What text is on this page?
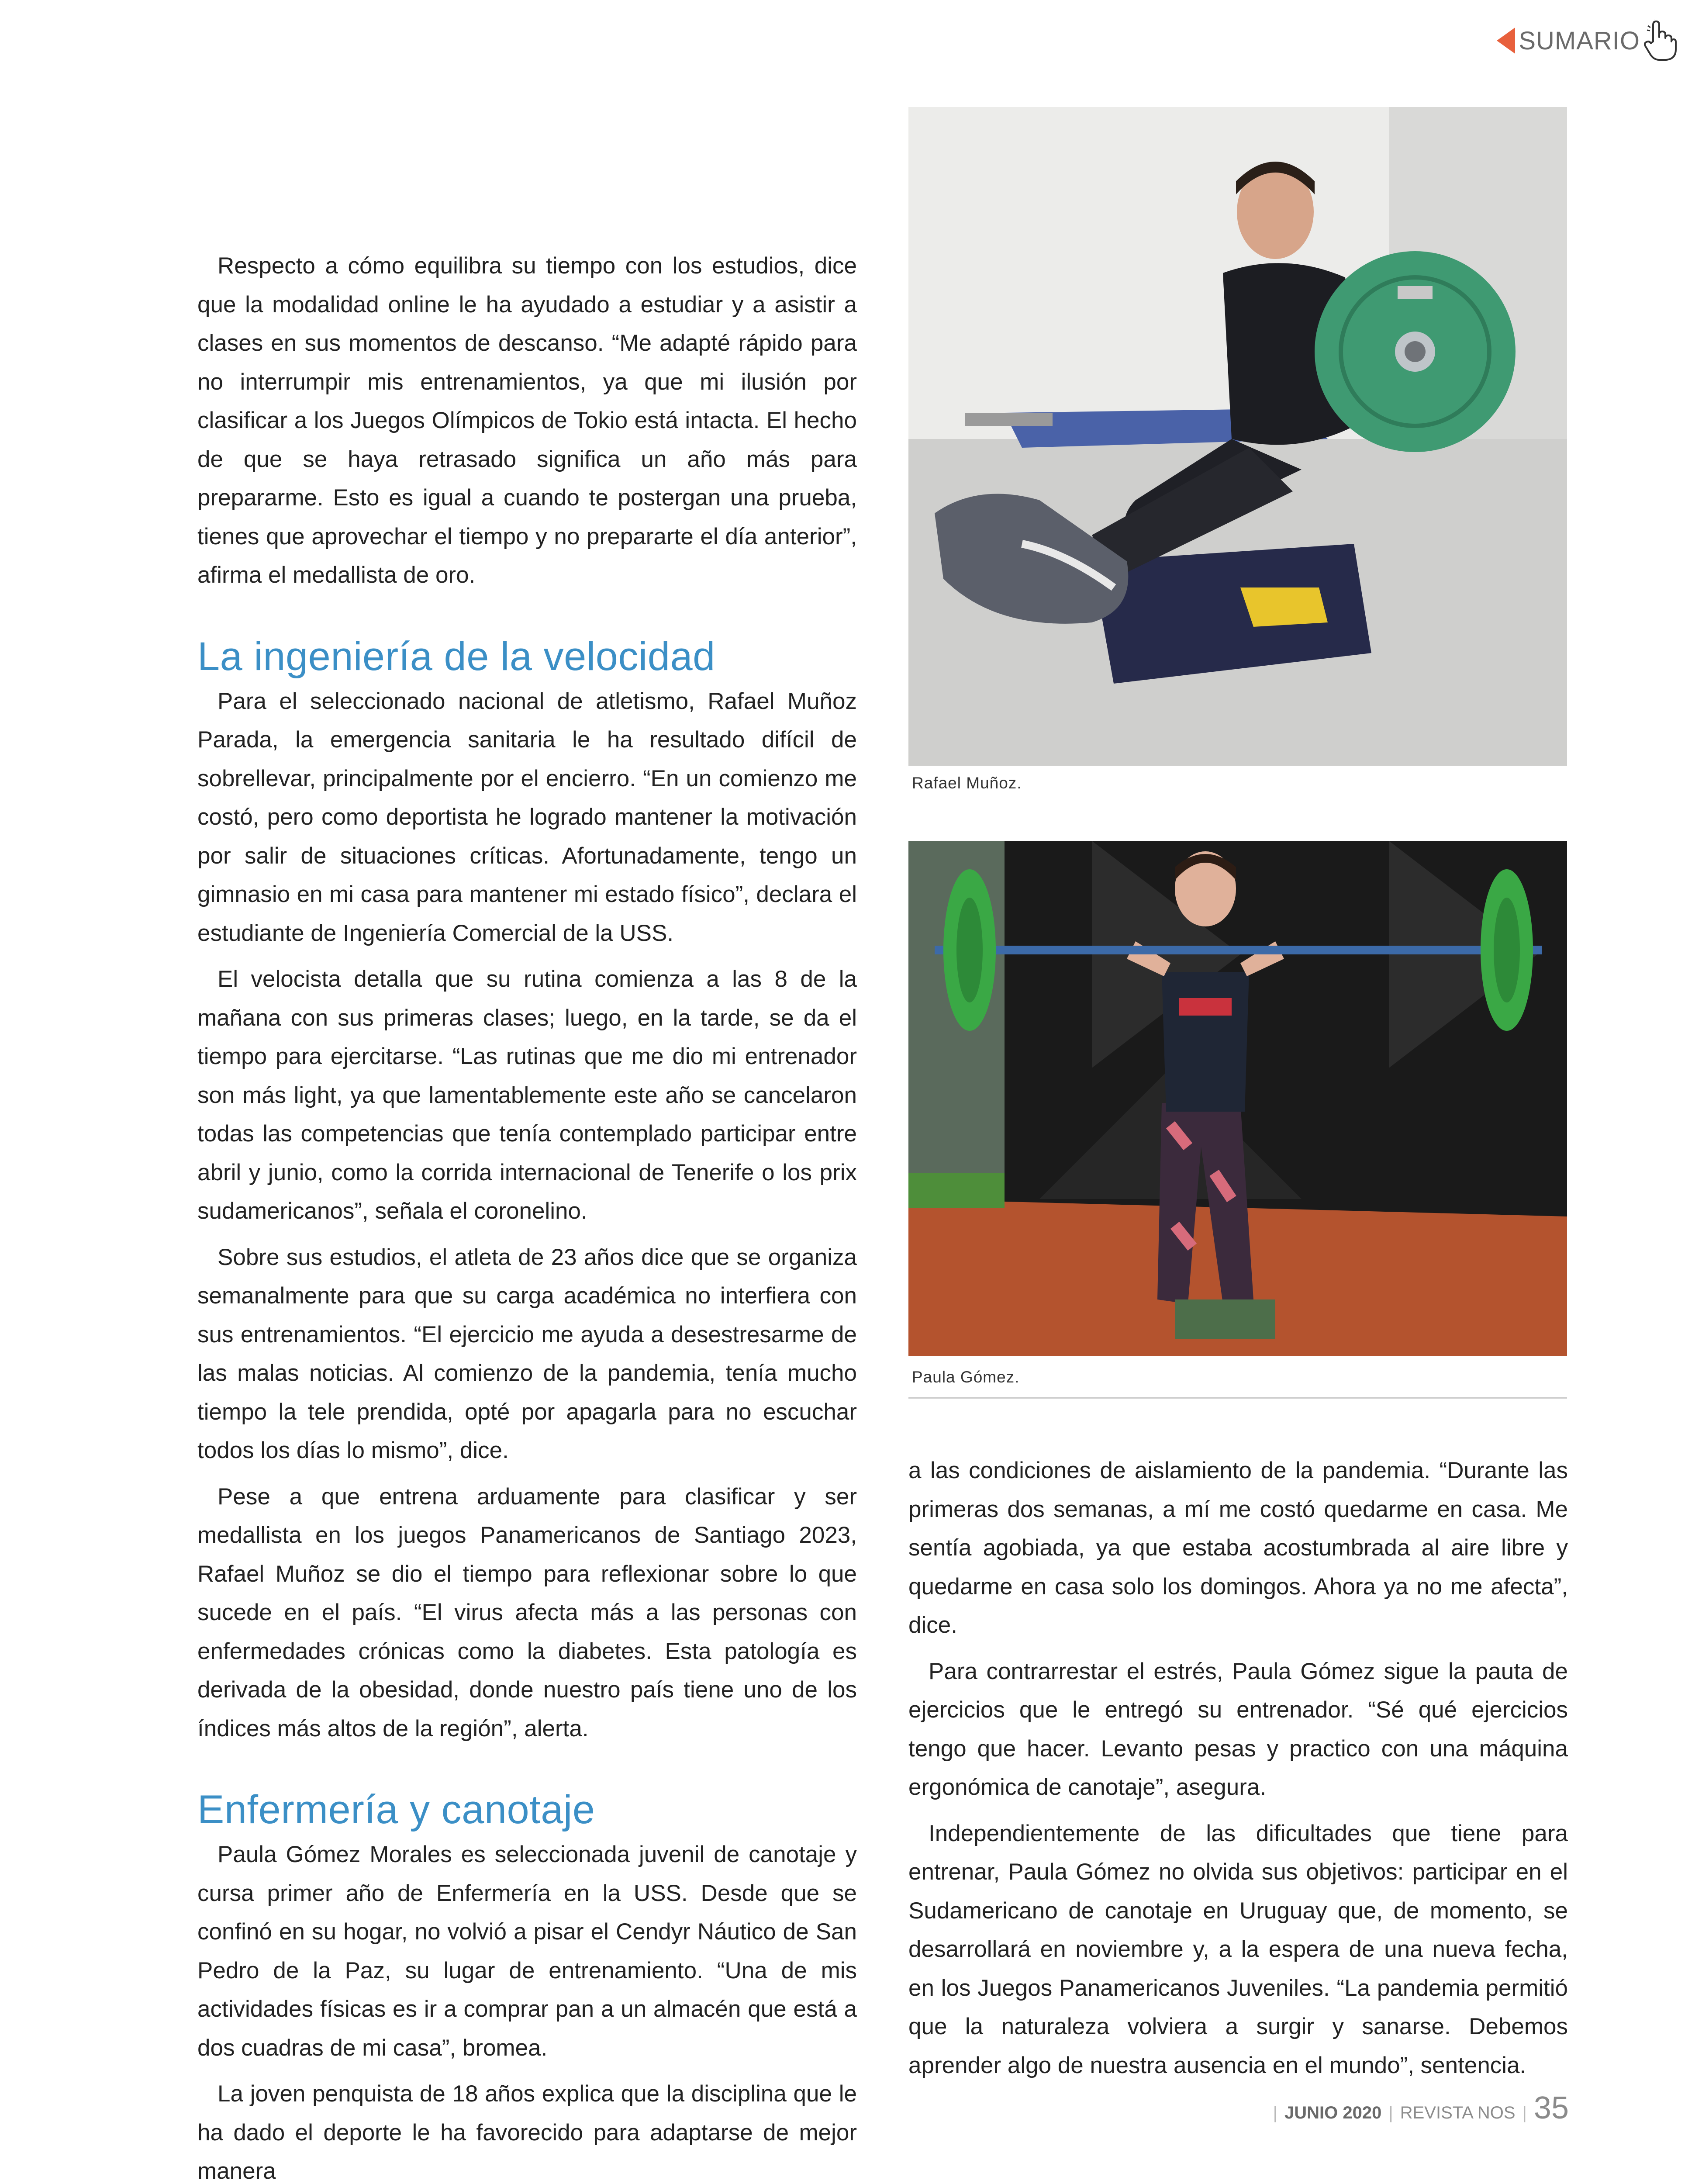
SUMARIO

Respecto a cómo equilibra su tiempo con los estudios, dice que la modalidad online le ha ayudado a estudiar y a asistir a clases en sus momentos de descanso. “Me adapté rápido para no interrumpir mis entrenamientos, ya que mi ilusión por clasificar a los Juegos Olímpicos de Tokio está intacta. El hecho de que se haya retrasado significa un año más para prepararme. Esto es igual a cuando te postergan una prueba, tienes que aprovechar el tiempo y no prepararte el día anterior”, afirma el medallista de oro.

La ingeniería de la velocidad

Para el seleccionado nacional de atletismo, Rafael Muñoz Parada, la emergencia sanitaria le ha resultado difícil de sobrellevar, principalmente por el encierro. “En un comienzo me costó, pero como deportista he logrado mantener la motivación por salir de situaciones críticas. Afortunadamente, tengo un gimnasio en mi casa para mantener mi estado físico”, declara el estudiante de Ingeniería Comercial de la USS.

El velocista detalla que su rutina comienza a las 8 de la mañana con sus primeras clases; luego, en la tarde, se da el tiempo para ejercitarse. “Las rutinas que me dio mi entrenador son más light, ya que lamentablemente este año se cancelaron todas las competencias que tenía contemplado participar entre abril y junio, como la corrida internacional de Tenerife o los prix sudamericanos”, señala el coronelino.

Sobre sus estudios, el atleta de 23 años dice que se organiza semanalmente para que su carga académica no interfiera con sus entrenamientos. “El ejercicio me ayuda a desestresarme de las malas noticias. Al comienzo de la pandemia, tenía mucho tiempo la tele prendida, opté por apagarla para no escuchar todos los días lo mismo”, dice.

Pese a que entrena arduamente para clasificar y ser medallista en los juegos Panamericanos de Santiago 2023, Rafael Muñoz se dio el tiempo para reflexionar sobre lo que sucede en el país. “El virus afecta más a las personas con enfermedades crónicas como la diabetes. Esta patología es derivada de la obesidad, donde nuestro país tiene uno de los índices más altos de la región”, alerta.

Enfermería y canotaje

Paula Gómez Morales es seleccionada juvenil de canotaje y cursa primer año de Enfermería en la USS. Desde que se confinó en su hogar, no volvió a pisar el Cendyr Náutico de San Pedro de la Paz, su lugar de entrenamiento. “Una de mis actividades físicas es ir a comprar pan a un almacén que está a dos cuadras de mi casa”, bromea.

La joven penquista de 18 años explica que la disciplina que le ha dado el deporte le ha favorecido para adaptarse de mejor manera

Rafael Muñoz.
Paula Gómez.

a las condiciones de aislamiento de la pandemia. “Durante las primeras dos semanas, a mí me costó quedarme en casa. Me sentía agobiada, ya que estaba acostumbrada al aire libre y quedarme en casa solo los domingos. Ahora ya no me afecta”, dice.

Para contrarrestar el estrés, Paula Gómez sigue la pauta de ejercicios que le entregó su entrenador. “Sé qué ejercicios tengo que hacer. Levanto pesas y practico con una máquina ergonómica de canotaje”, asegura.

Independientemente de las dificultades que tiene para entrenar, Paula Gómez no olvida sus objetivos: participar en el Sudamericano de canotaje en Uruguay que, de momento, se desarrollará en noviembre y, a la espera de una nueva fecha, en los Juegos Panamericanos Juveniles. “La pandemia permitió que la naturaleza volviera a surgir y sanarse. Debemos aprender algo de nuestra ausencia en el mundo”, sentencia.

| JUNIO 2020 | REVISTA NOS | 35
